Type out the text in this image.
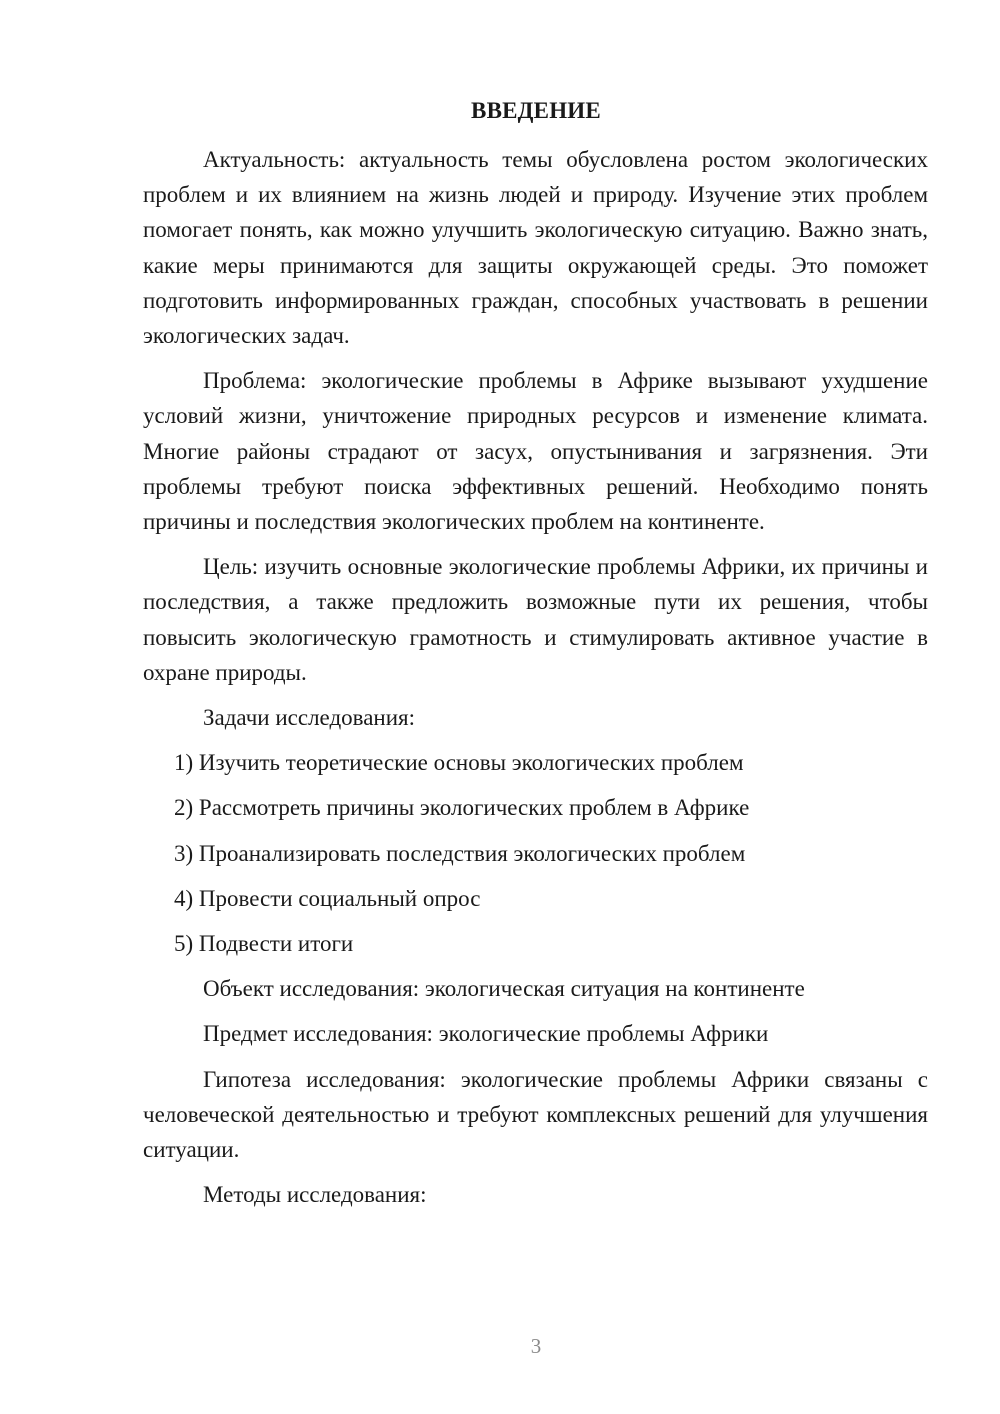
ВВЕДЕНИЕ

Актуальность: актуальность темы обусловлена ростом экологических проблем и их влиянием на жизнь людей и природу. Изучение этих проблем помогает понять, как можно улучшить экологическую ситуацию. Важно знать, какие меры принимаются для защиты окружающей среды. Это поможет подготовить информированных граждан, способных участвовать в решении экологических задач.

Проблема: экологические проблемы в Африке вызывают ухудшение условий жизни, уничтожение природных ресурсов и изменение климата. Многие районы страдают от засух, опустынивания и загрязнения. Эти проблемы требуют поиска эффективных решений. Необходимо понять причины и последствия экологических проблем на континенте.

Цель: изучить основные экологические проблемы Африки, их причины и последствия, а также предложить возможные пути их решения, чтобы повысить экологическую грамотность и стимулировать активное участие в охране природы.

Задачи исследования:

1) Изучить теоретические основы экологических проблем

2) Рассмотреть причины экологических проблем в Африке

3) Проанализировать последствия экологических проблем

4) Провести социальный опрос

5) Подвести итоги

Объект исследования: экологическая ситуация на континенте

Предмет исследования: экологические проблемы Африки

Гипотеза исследования: экологические проблемы Африки связаны с человеческой деятельностью и требуют комплексных решений для улучшения ситуации.

Методы исследования:

3
